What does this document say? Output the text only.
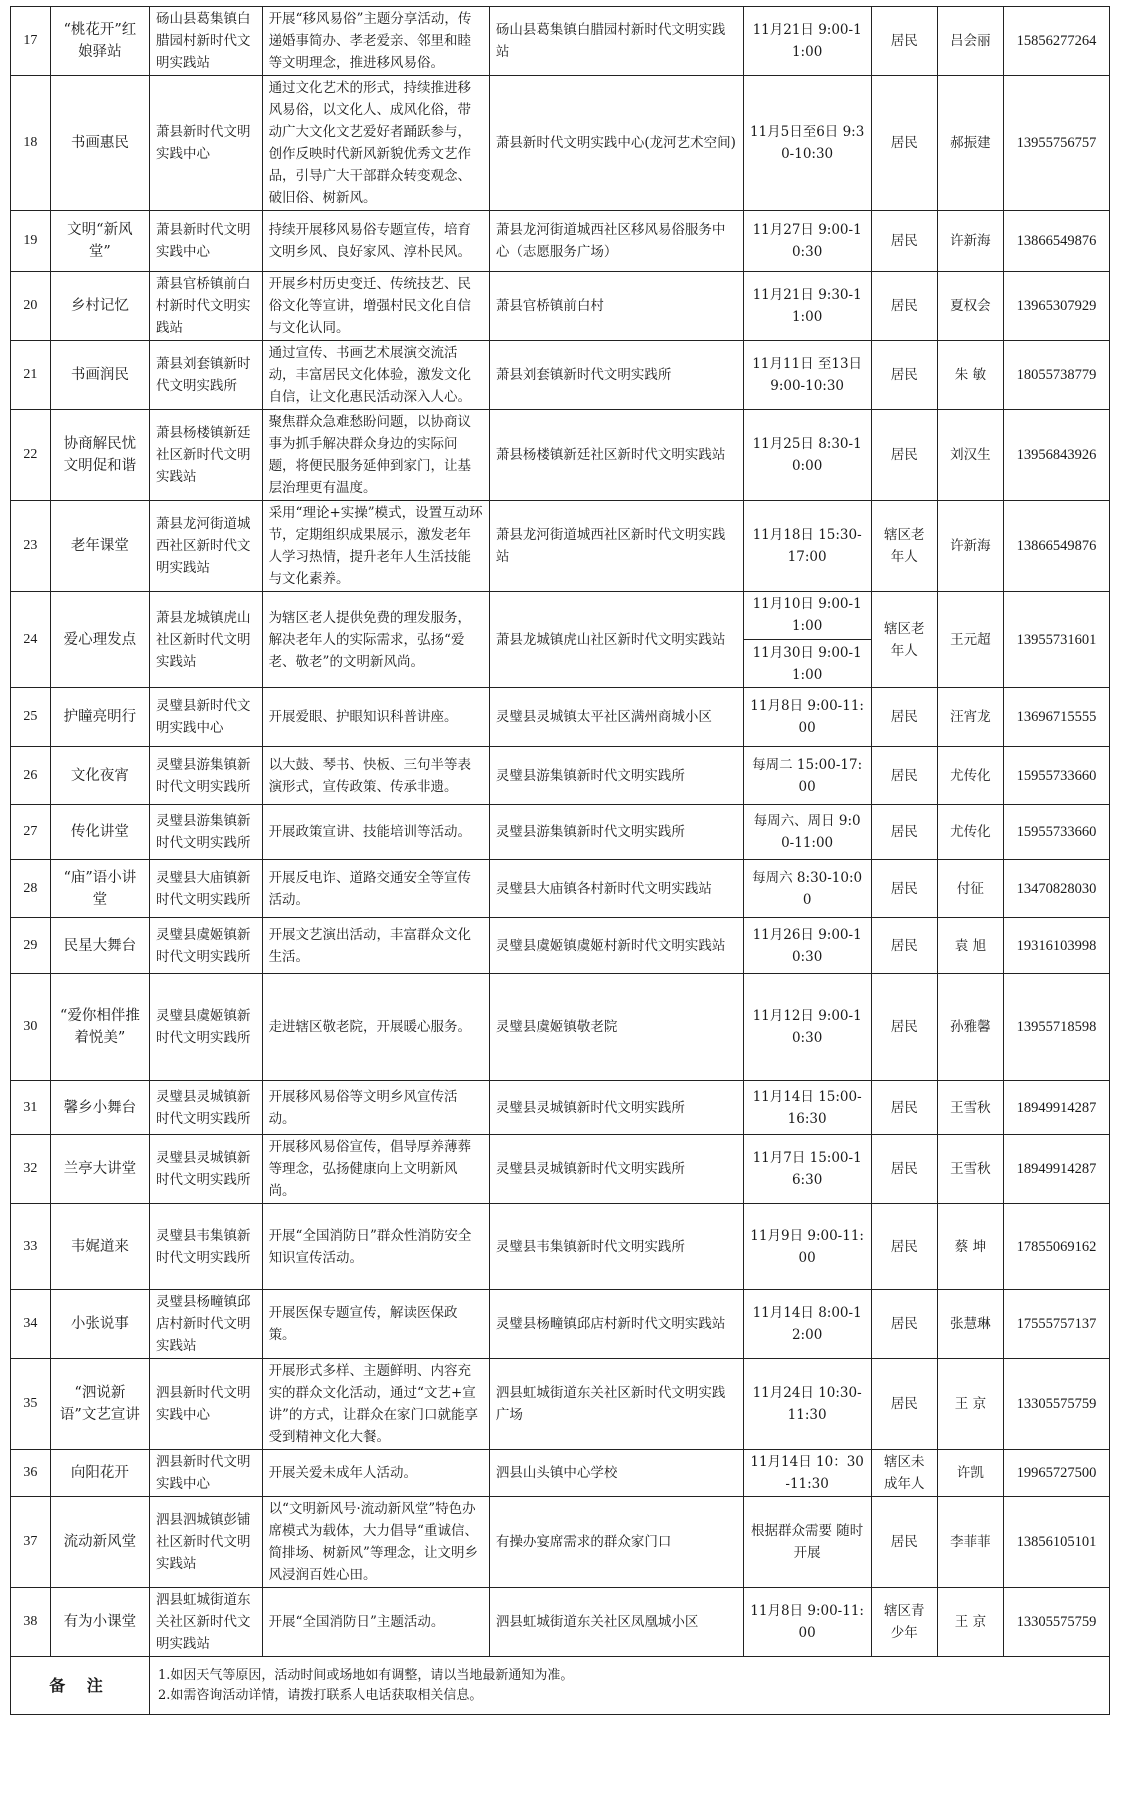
17	“桃花开”红娘驿站	砀山县葛集镇白腊园村新时代文明实践站	开展“移风易俗”主题分享活动，传递婚事简办、孝老爱亲、邻里和睦等文明理念，推进移风易俗。	砀山县葛集镇白腊园村新时代文明实践站	11月21日 9:00-11:00	居民	吕会丽	15856277264
18	书画惠民	萧县新时代文明实践中心	通过文化艺术的形式，持续推进移风易俗，以文化人、成风化俗，带动广大文化文艺爱好者踊跃参与，创作反映时代新风新貌优秀文艺作品，引导广大干部群众转变观念、破旧俗、树新风。	萧县新时代文明实践中心(龙河艺术空间)	11月5日至6日 9:30-10:30	居民	郝振建	13955756757
19	文明“新风堂”	萧县新时代文明实践中心	持续开展移风易俗专题宣传，培育文明乡风、良好家风、淳朴民风。	萧县龙河街道城西社区移风易俗服务中心（志愿服务广场）	11月27日 9:00-10:30	居民	许新海	13866549876
20	乡村记忆	萧县官桥镇前白村新时代文明实践站	开展乡村历史变迁、传统技艺、民俗文化等宣讲，增强村民文化自信与文化认同。	萧县官桥镇前白村	11月21日 9:30-11:00	居民	夏权会	13965307929
21	书画润民	萧县刘套镇新时代文明实践所	通过宣传、书画艺术展演交流活动，丰富居民文化体验，激发文化自信，让文化惠民活动深入人心。	萧县刘套镇新时代文明实践所	11月11日 至13日 9:00-10:30	居民	朱 敏	18055738779
22	协商解民忧文明促和谐	萧县杨楼镇新廷社区新时代文明实践站	聚焦群众急难愁盼问题，以协商议事为抓手解决群众身边的实际问题，将便民服务延伸到家门，让基层治理更有温度。	萧县杨楼镇新廷社区新时代文明实践站	11月25日 8:30-10:00	居民	刘汉生	13956843926
23	老年课堂	萧县龙河街道城西社区新时代文明实践站	采用“理论+实操”模式，设置互动环节，定期组织成果展示，激发老年人学习热情，提升老年人生活技能与文化素养。	萧县龙河街道城西社区新时代文明实践站	11月18日 15:30-17:00	辖区老年人	许新海	13866549876
24	爱心理发点	萧县龙城镇虎山社区新时代文明实践站	为辖区老人提供免费的理发服务，解决老年人的实际需求，弘扬“爱老、敬老”的文明新风尚。	萧县龙城镇虎山社区新时代文明实践站	11月10日 9:00-11:00
11月30日 9:00-11:00	辖区老年人	王元超	13955731601
25	护瞳亮明行	灵璧县新时代文明实践中心	开展爱眼、护眼知识科普讲座。	灵璧县灵城镇太平社区满州商城小区	11月8日 9:00-11:00	居民	汪宵龙	13696715555
26	文化夜宵	灵璧县游集镇新时代文明实践所	以大鼓、琴书、快板、三句半等表演形式，宣传政策、传承非遗。	灵璧县游集镇新时代文明实践所	每周二 15:00-17:00	居民	尤传化	15955733660
27	传化讲堂	灵璧县游集镇新时代文明实践所	开展政策宣讲、技能培训等活动。	灵璧县游集镇新时代文明实践所	每周六、周日 9:00-11:00	居民	尤传化	15955733660
28	“庙”语小讲堂	灵璧县大庙镇新时代文明实践所	开展反电诈、道路交通安全等宣传活动。	灵璧县大庙镇各村新时代文明实践站	每周六 8:30-10:00	居民	付征	13470828030
29	民星大舞台	灵璧县虞姬镇新时代文明实践所	开展文艺演出活动，丰富群众文化生活。	灵璧县虞姬镇虞姬村新时代文明实践站	11月26日 9:00-10:30	居民	袁 旭	19316103998
30	“爱你相伴推着悦美”	灵璧县虞姬镇新时代文明实践所	走进辖区敬老院，开展暖心服务。	灵璧县虞姬镇敬老院	11月12日 9:00-10:30	居民	孙雅馨	13955718598
31	馨乡小舞台	灵璧县灵城镇新时代文明实践所	开展移风易俗等文明乡风宣传活动。	灵璧县灵城镇新时代文明实践所	11月14日 15:00-16:30	居民	王雪秋	18949914287
32	兰亭大讲堂	灵璧县灵城镇新时代文明实践所	开展移风易俗宣传，倡导厚养薄葬等理念，弘扬健康向上文明新风尚。	灵璧县灵城镇新时代文明实践所	11月7日 15:00-16:30	居民	王雪秋	18949914287
33	韦娓道来	灵璧县韦集镇新时代文明实践所	开展“全国消防日”群众性消防安全知识宣传活动。	灵璧县韦集镇新时代文明实践所	11月9日 9:00-11:00	居民	蔡 坤	17855069162
34	小张说事	灵璧县杨疃镇邱店村新时代文明实践站	开展医保专题宣传，解读医保政策。	灵璧县杨疃镇邱店村新时代文明实践站	11月14日 8:00-12:00	居民	张慧琳	17555757137
35	“泗说新语”文艺宣讲	泗县新时代文明实践中心	开展形式多样、主题鲜明、内容充实的群众文化活动，通过“文艺+宣讲”的方式，让群众在家门口就能享受到精神文化大餐。	泗县虹城街道东关社区新时代文明实践广场	11月24日 10:30-11:30	居民	王 京	13305575759
36	向阳花开	泗县新时代文明实践中心	开展关爱未成年人活动。	泗县山头镇中心学校	11月14日 10：30-11:30	辖区未成年人	许凯	19965727500
37	流动新风堂	泗县泗城镇彭铺社区新时代文明实践站	以“文明新风号·流动新风堂”特色办席模式为载体，大力倡导“重诚信、简排场、树新风”等理念，让文明乡风浸润百姓心田。	有操办宴席需求的群众家门口	根据群众需要 随时开展	居民	李菲菲	13856105101
38	有为小课堂	泗县虹城街道东关社区新时代文明实践站	开展“全国消防日”主题活动。	泗县虹城街道东关社区凤凰城小区	11月8日 9:00-11:00	辖区青少年	王 京	13305575759
备 注		1.如因天气等原因，活动时间或场地如有调整，请以当地最新通知为准。
2.如需咨询活动详情，请拨打联系人电话获取相关信息。						
